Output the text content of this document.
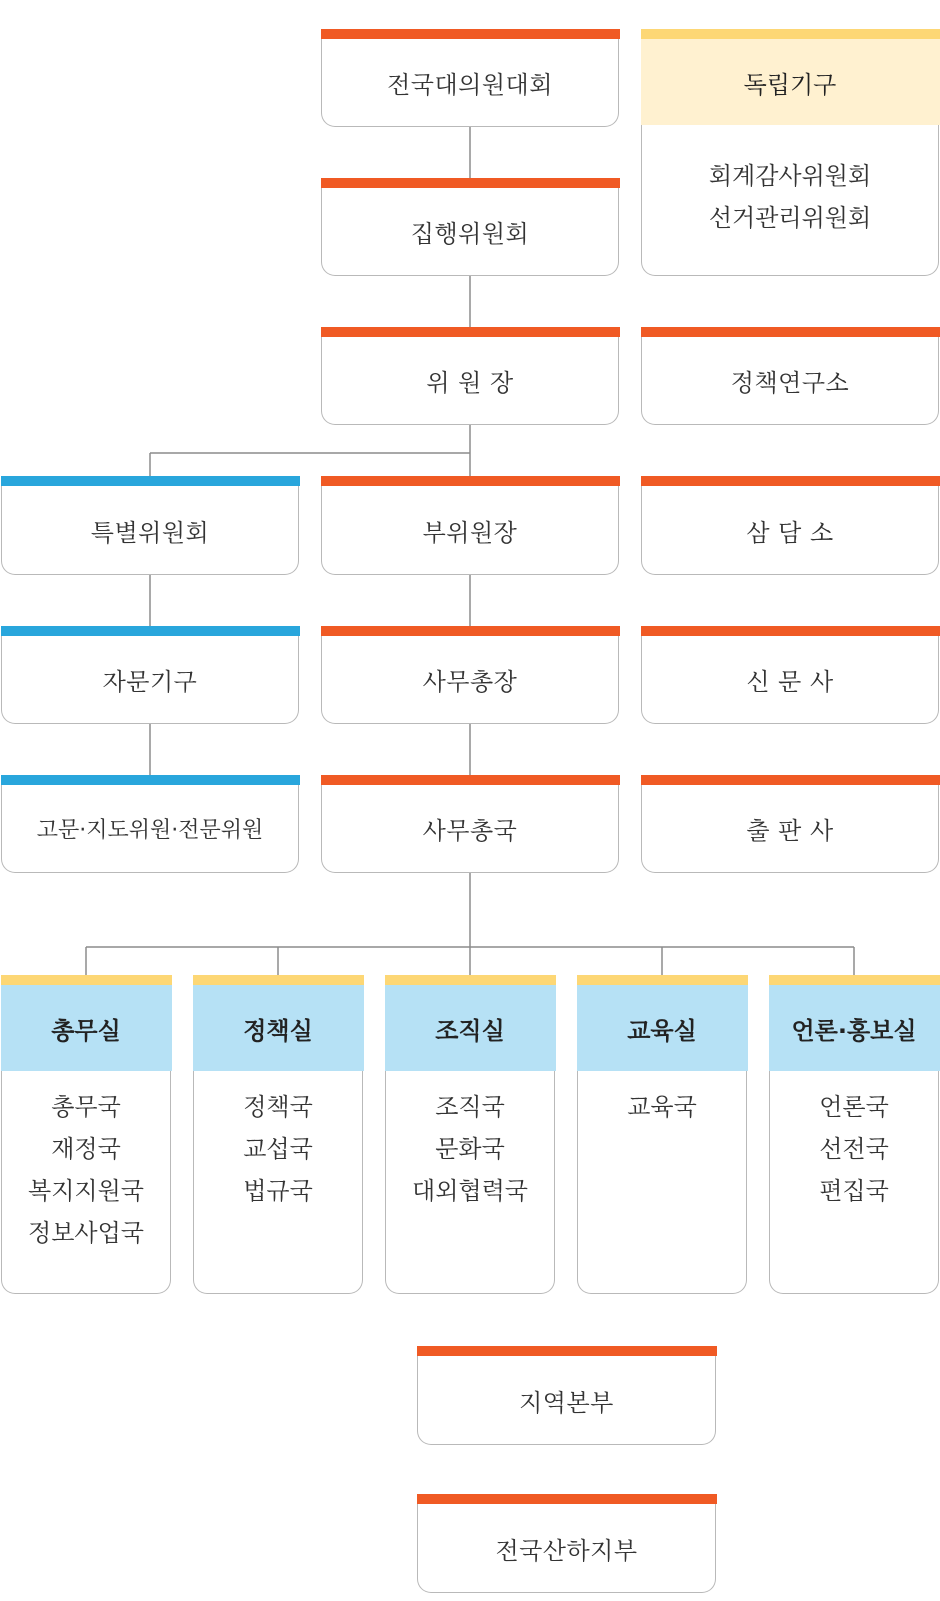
전국대의원대회
집행위원회
위 원 장
부위원장
사무총장
사무총국
독립기구
회계감사위원회
선거관리위원회
정책연구소
삼 담 소
신 문 사
출 판 사
특별위원회
자문기구
고문·지도위원·전문위원
총무실
총무국
재정국
복지지원국
정보사업국
정책실
정책국
교섭국
법규국
조직실
조직국
문화국
대외협력국
교육실
교육국
언론·홍보실
언론국
선전국
편집국
지역본부
전국산하지부
